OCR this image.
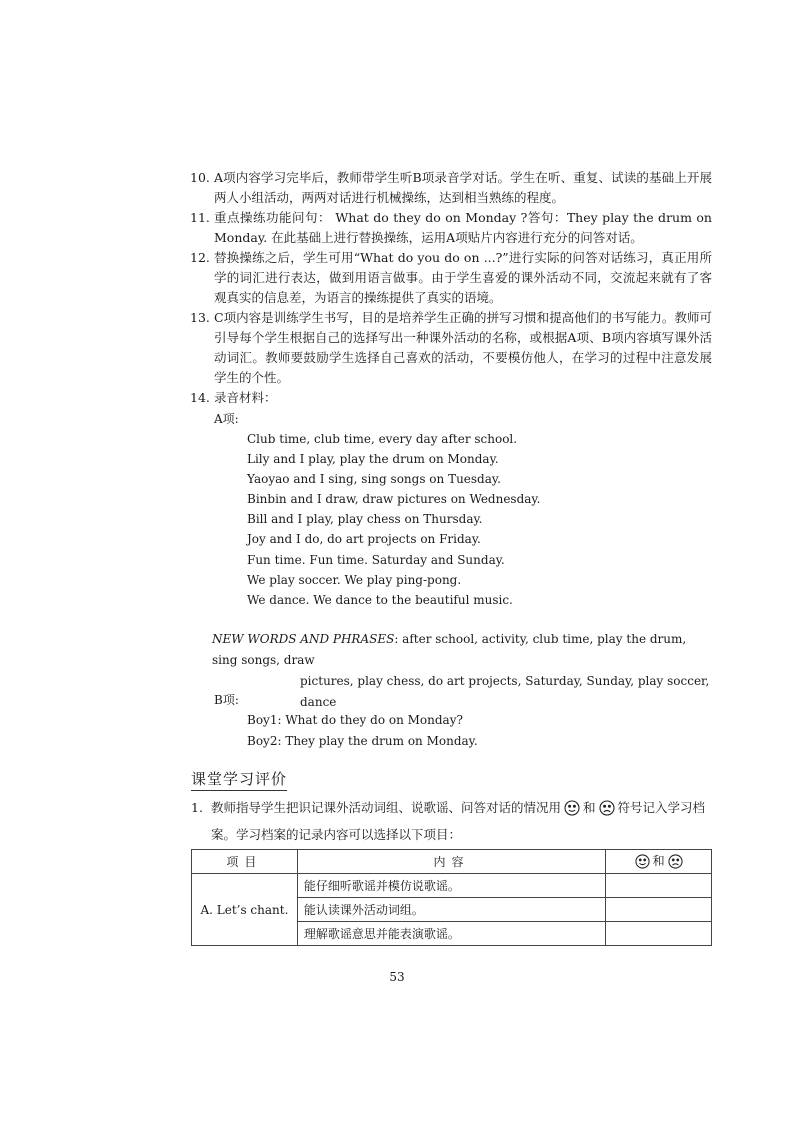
10. A项内容学习完毕后，教师带学生听B项录音学对话。学生在听、重复、试读的基础上开展两人小组活动，两两对话进行机械操练，达到相当熟练的程度。
11. 重点操练功能问句： What do they do on Monday ?答句：They play the drum on Monday. 在此基础上进行替换操练，运用A项贴片内容进行充分的问答对话。
12. 替换操练之后，学生可用“What do you do on ...?”进行实际的问答对话练习，真正用所学的词汇进行表达，做到用语言做事。由于学生喜爱的课外活动不同，交流起来就有了客观真实的信息差，为语言的操练提供了真实的语境。
13. C项内容是训练学生书写，目的是培养学生正确的拼写习惯和提高他们的书写能力。教师可引导每个学生根据自己的选择写出一种课外活动的名称，或根据A项、B项内容填写课外活动词汇。教师要鼓励学生选择自己喜欢的活动，不要模仿他人，在学习的过程中注意发展学生的个性。
14. 录音材料：
A项:
Club time, club time, every day after school.
Lily and I play, play the drum on Monday.
Yaoyao and I sing, sing songs on Tuesday.
Binbin and I draw, draw pictures on Wednesday.
Bill and I play, play chess on Thursday.
Joy and I do, do art projects on Friday.
Fun time. Fun time. Saturday and Sunday.
We play soccer. We play ping-pong.
We dance. We dance to the beautiful music.
NEW WORDS AND PHRASES: after school, activity, club time, play the drum, sing songs, draw
pictures, play chess, do art projects, Saturday, Sunday, play soccer, dance
B项:
Boy1: What do they do on Monday?
Boy2: They play the drum on Monday.
课堂学习评价
1. 教师指导学生把识记课外活动词组、说歌谣、问答对话的情况用 和 符号记入学习档案。学习档案的记录内容可以选择以下项目：
项目	内容	和
A. Let’s chant.	能仔细听歌谣并模仿说歌谣。	
	能认读课外活动词组。	
	理解歌谣意思并能表演歌谣。	
53
